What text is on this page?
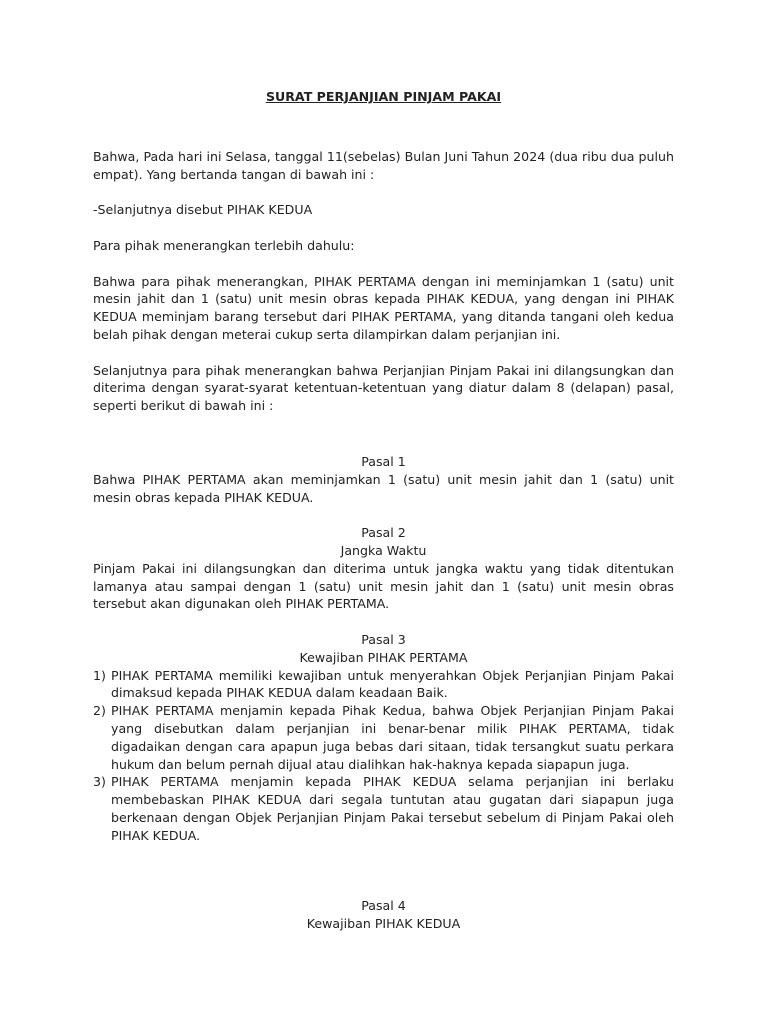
SURAT PERJANJIAN PINJAM PAKAI

Bahwa, Pada hari ini Selasa, tanggal 11(sebelas) Bulan Juni Tahun 2024 (dua ribu dua puluh empat). Yang bertanda tangan di bawah ini :

-Selanjutnya disebut PIHAK KEDUA

Para pihak menerangkan terlebih dahulu:

Bahwa para pihak menerangkan, PIHAK PERTAMA dengan ini meminjamkan 1 (satu) unit mesin jahit dan 1 (satu) unit mesin obras kepada PIHAK KEDUA, yang dengan ini PIHAK KEDUA meminjam barang tersebut dari PIHAK PERTAMA, yang ditanda tangani oleh kedua belah pihak dengan meterai cukup serta dilampirkan dalam perjanjian ini.

Selanjutnya para pihak menerangkan bahwa Perjanjian Pinjam Pakai ini dilangsungkan dan diterima dengan syarat-syarat ketentuan-ketentuan yang diatur dalam 8 (delapan) pasal, seperti berikut di bawah ini :

Pasal 1

Bahwa PIHAK PERTAMA akan meminjamkan 1 (satu) unit mesin jahit dan 1 (satu) unit mesin obras kepada PIHAK KEDUA.

Pasal 2
Jangka Waktu

Pinjam Pakai ini dilangsungkan dan diterima untuk jangka waktu yang tidak ditentukan lamanya atau sampai dengan 1 (satu) unit mesin jahit dan 1 (satu) unit mesin obras tersebut akan digunakan oleh PIHAK PERTAMA.

Pasal 3
Kewajiban PIHAK PERTAMA
1) PIHAK PERTAMA memiliki kewajiban untuk menyerahkan Objek Perjanjian Pinjam Pakai dimaksud kepada PIHAK KEDUA dalam keadaan Baik.
2) PIHAK PERTAMA menjamin kepada Pihak Kedua, bahwa Objek Perjanjian Pinjam Pakai yang disebutkan dalam perjanjian ini benar-benar milik PIHAK PERTAMA, tidak digadaikan dengan cara apapun juga bebas dari sitaan, tidak tersangkut suatu perkara hukum dan belum pernah dijual atau dialihkan hak-haknya kepada siapapun juga.
3) PIHAK PERTAMA menjamin kepada PIHAK KEDUA selama perjanjian ini berlaku membebaskan PIHAK KEDUA dari segala tuntutan atau gugatan dari siapapun juga berkenaan dengan Objek Perjanjian Pinjam Pakai tersebut sebelum di Pinjam Pakai oleh PIHAK KEDUA.
Pasal 4
Kewajiban PIHAK KEDUA
